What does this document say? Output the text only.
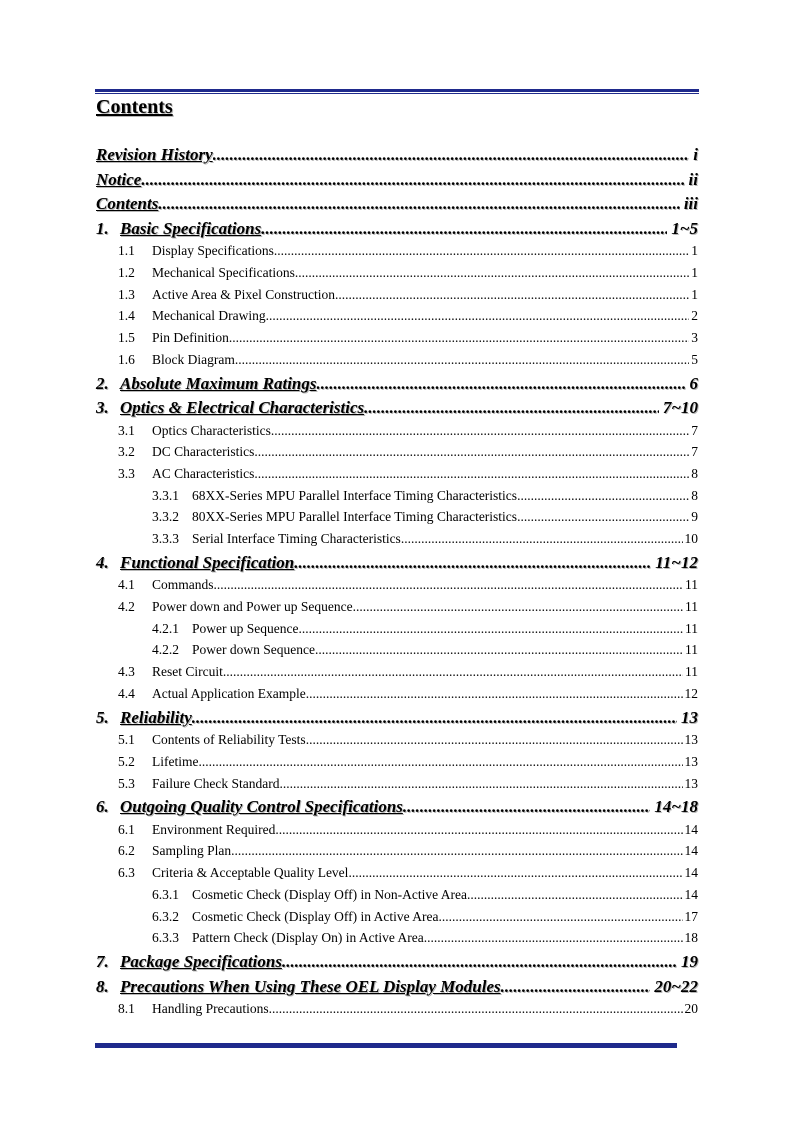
Contents
Revision History .....	i
Notice .....	ii
Contents .....	iii
1. Basic Specifications .....	1~5
1.1 Display Specifications .....	1
1.2 Mechanical Specifications .....	1
1.3 Active Area & Pixel Construction .....	1
1.4 Mechanical Drawing .....	2
1.5 Pin Definition .....	3
1.6 Block Diagram .....	5
2. Absolute Maximum Ratings .....	6
3. Optics & Electrical Characteristics .....	7~10
3.1 Optics Characteristics .....	7
3.2 DC Characteristics .....	7
3.3 AC Characteristics .....	8
3.3.1 68XX-Series MPU Parallel Interface Timing Characteristics .....	8
3.3.2 80XX-Series MPU Parallel Interface Timing Characteristics .....	9
3.3.3 Serial Interface Timing Characteristics .....	10
4. Functional Specification .....	11~12
4.1 Commands .....	11
4.2 Power down and Power up Sequence .....	11
4.2.1 Power up Sequence .....	11
4.2.2 Power down Sequence .....	11
4.3 Reset Circuit .....	11
4.4 Actual Application Example .....	12
5. Reliability .....	13
5.1 Contents of Reliability Tests .....	13
5.2 Lifetime .....	13
5.3 Failure Check Standard .....	13
6. Outgoing Quality Control Specifications .....	14~18
6.1 Environment Required .....	14
6.2 Sampling Plan .....	14
6.3 Criteria & Acceptable Quality Level .....	14
6.3.1 Cosmetic Check (Display Off) in Non-Active Area .....	14
6.3.2 Cosmetic Check (Display Off) in Active Area .....	17
6.3.3 Pattern Check (Display On) in Active Area .....	18
7. Package Specifications .....	19
8. Precautions When Using These OEL Display Modules .....	20~22
8.1 Handling Precautions .....	20
